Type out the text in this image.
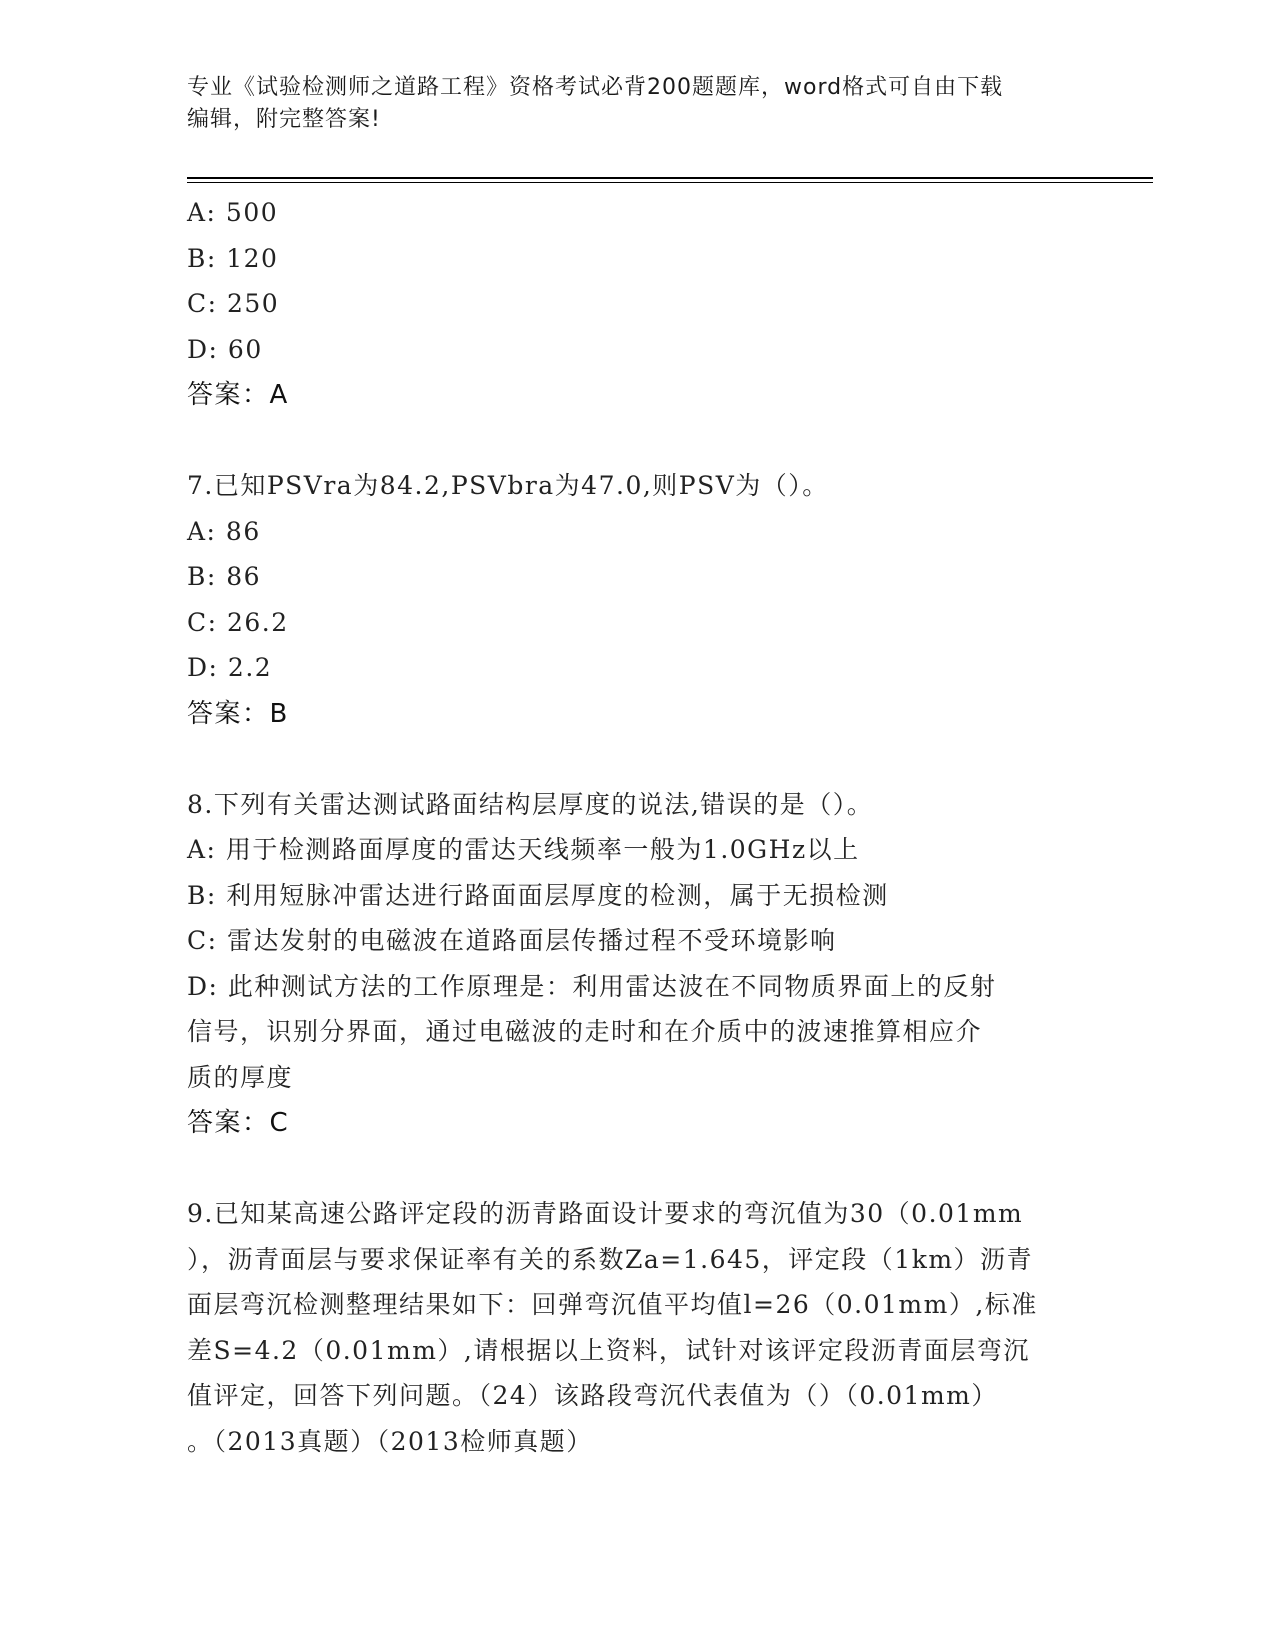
专业《试验检测师之道路工程》资格考试必背200题题库，word格式可自由下载
编辑，附完整答案!
A: 500
B: 120
C: 250
D: 60
答案：A
7.已知PSVra为84.2,PSVbra为47.0,则PSV为（）。
A: 86
B: 86
C: 26.2
D: 2.2
答案：B
8.下列有关雷达测试路面结构层厚度的说法,错误的是（）。
A: 用于检测路面厚度的雷达天线频率一般为1.0GHz以上
B: 利用短脉冲雷达进行路面面层厚度的检测，属于无损检测
C: 雷达发射的电磁波在道路面层传播过程不受环境影响
D: 此种测试方法的工作原理是：利用雷达波在不同物质界面上的反射
信号，识别分界面，通过电磁波的走时和在介质中的波速推算相应介
质的厚度
答案：C
9.已知某高速公路评定段的沥青路面设计要求的弯沉值为30（0.01mm
），沥青面层与要求保证率有关的系数Za=1.645，评定段（1km）沥青
面层弯沉检测整理结果如下：回弹弯沉值平均值l=26（0.01mm）,标准
差S=4.2（0.01mm）,请根据以上资料，试针对该评定段沥青面层弯沉
值评定，回答下列问题。（24）该路段弯沉代表值为（）（0.01mm）
。（2013真题）（2013检师真题）
